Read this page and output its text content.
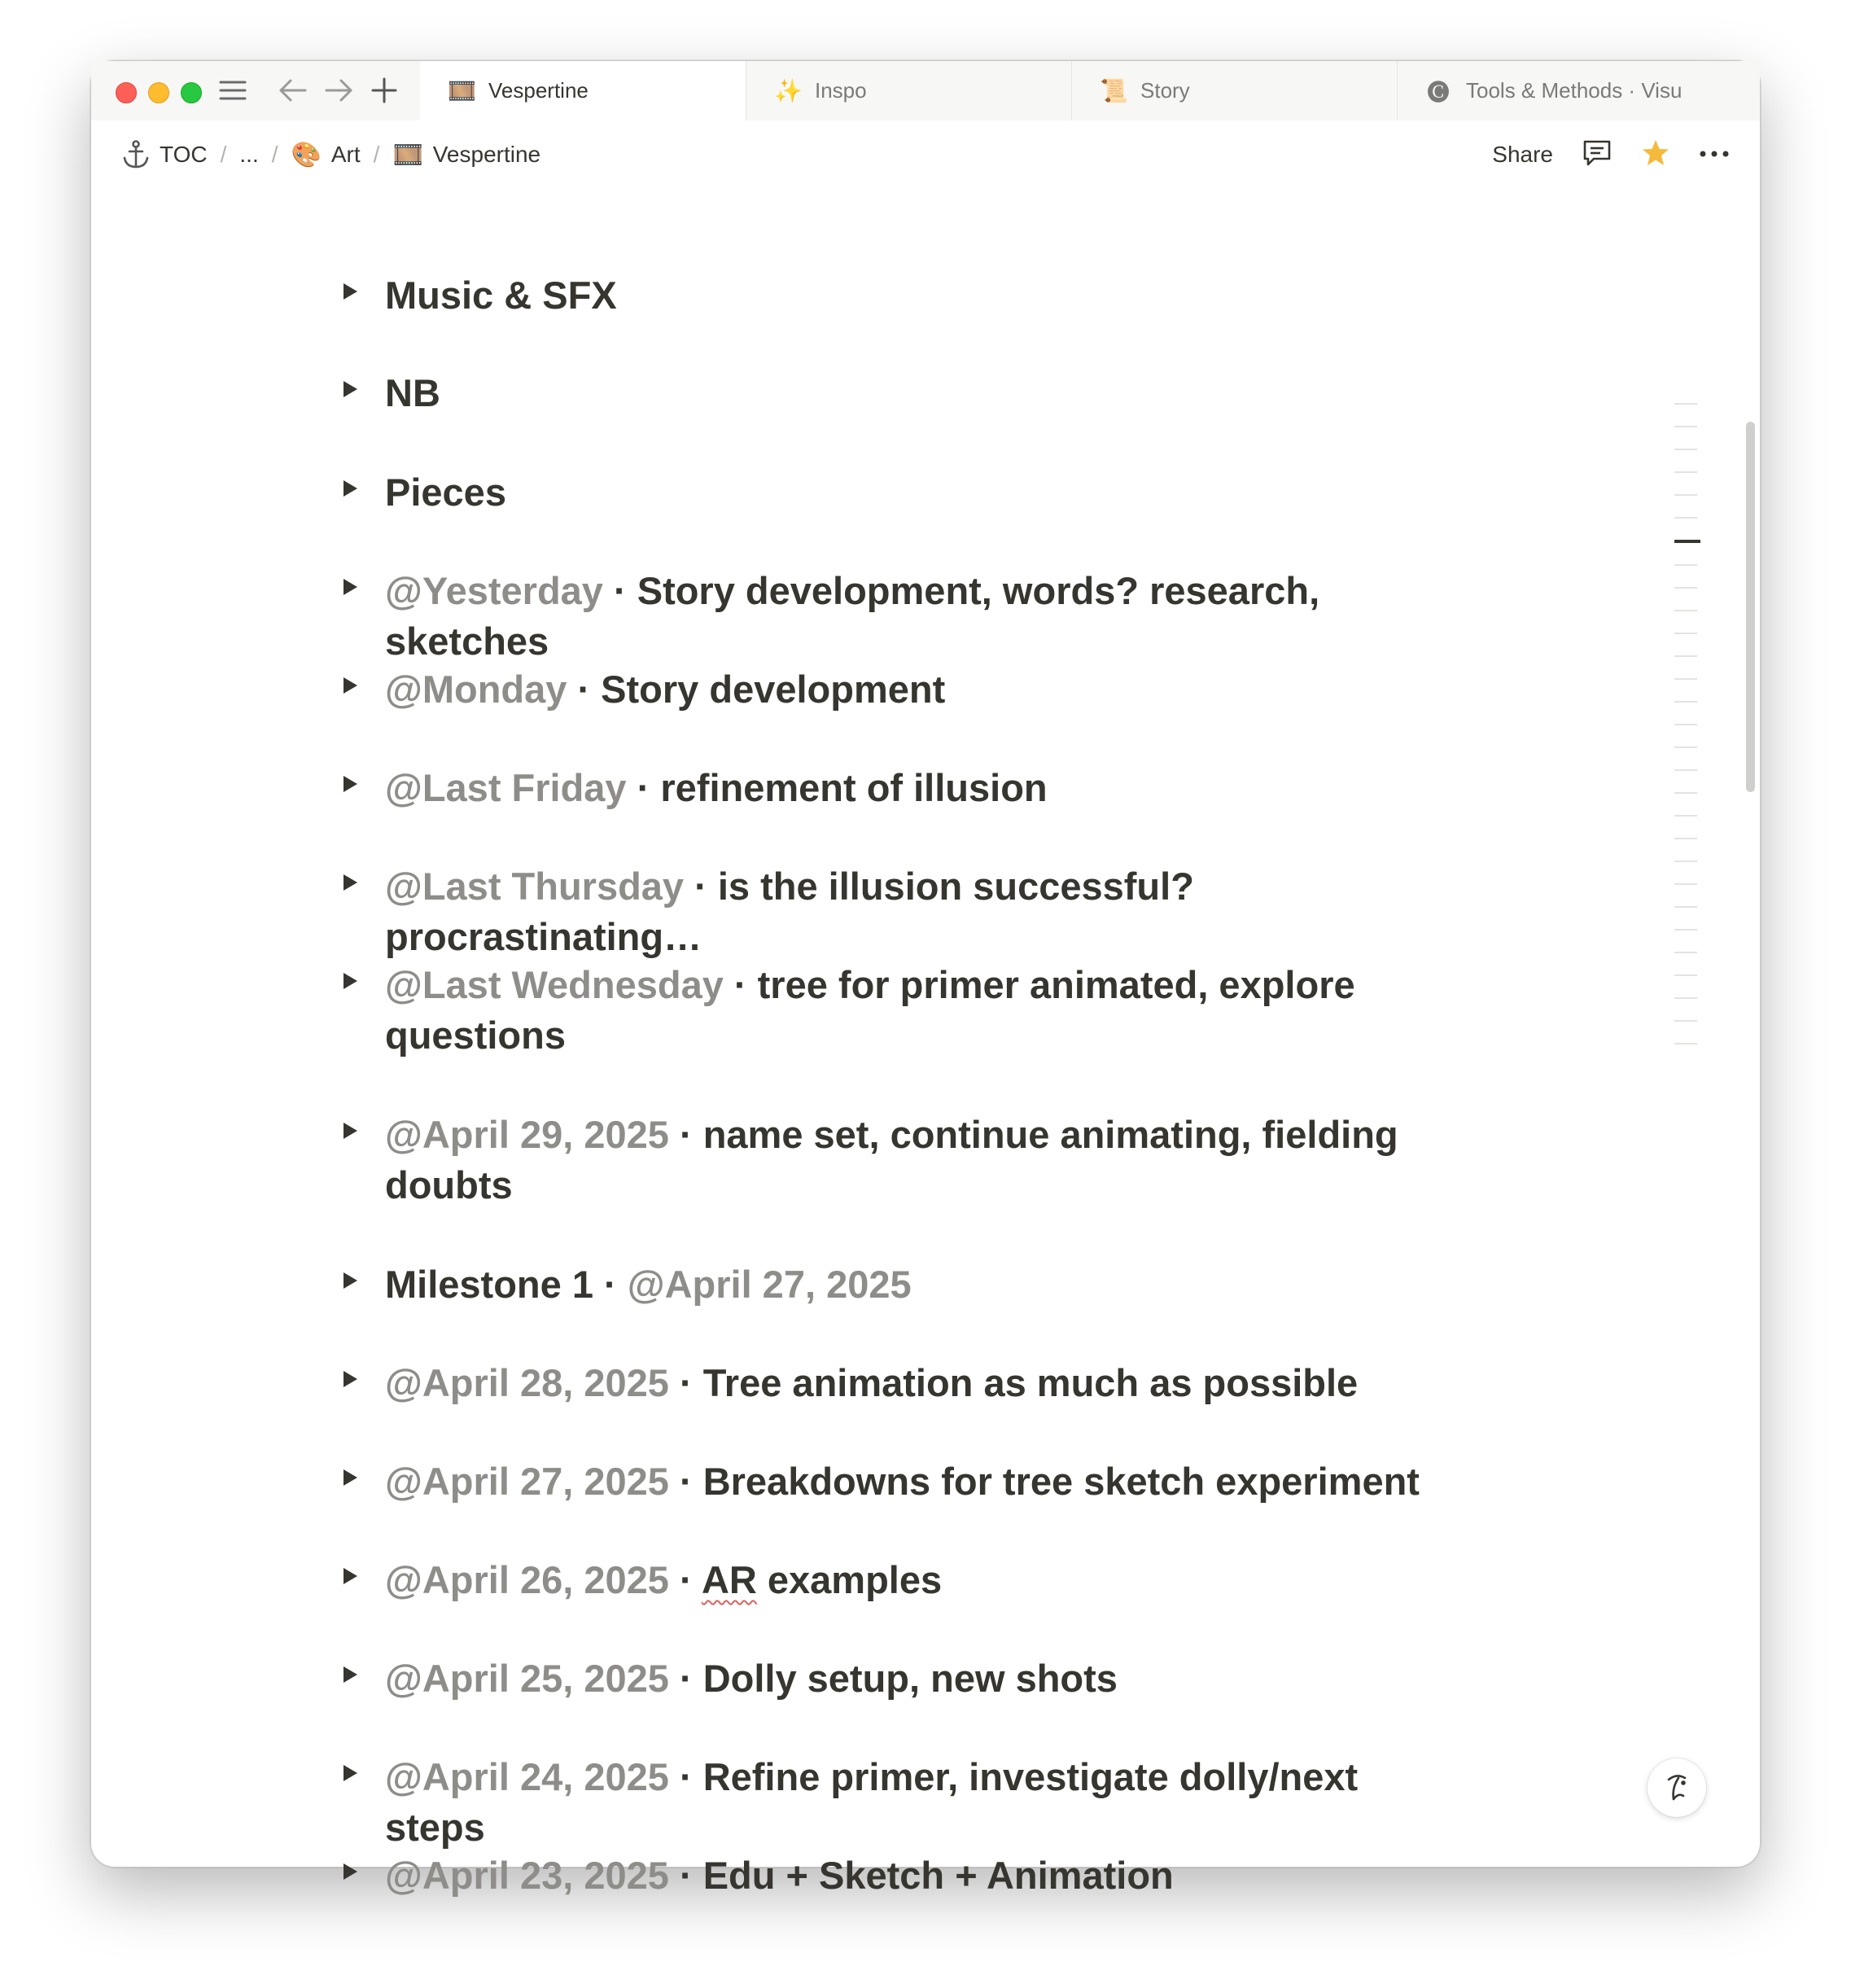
🎞️ Vespertine	✨ Inspo	📜 Story	🅒 Tools & Methods · Visu
TOC / ... / 🎨 Art / 🎞️ Vespertine	Share
Music & SFX
NB
Pieces
@Yesterday · Story development, words? research, sketches
@Monday · Story development
@Last Friday · refinement of illusion
@Last Thursday · is the illusion successful? procrastinating…
@Last Wednesday · tree for primer animated, explore questions
@April 29, 2025 · name set, continue animating, fielding doubts
Milestone 1 · @April 27, 2025
@April 28, 2025 · Tree animation as much as possible
@April 27, 2025 · Breakdowns for tree sketch experiment
@April 26, 2025 · AR examples
@April 25, 2025 · Dolly setup, new shots
@April 24, 2025 · Refine primer, investigate dolly/next steps
@April 23, 2025 · Edu + Sketch + Animation
